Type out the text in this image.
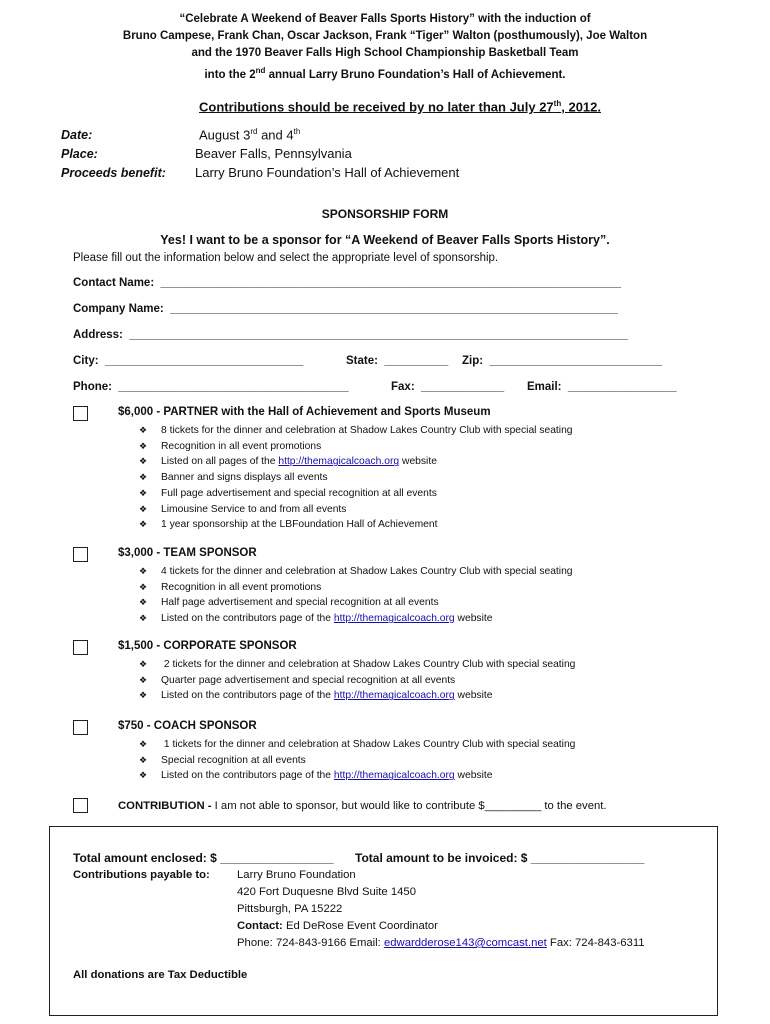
“Celebrate A Weekend of Beaver Falls Sports History” with the induction of
Bruno Campese, Frank Chan, Oscar Jackson, Frank “Tiger” Walton (posthumously), Joe Walton
and the 1970 Beaver Falls High School Championship Basketball Team
into the 2nd annual Larry Bruno Foundation’s Hall of Achievement.
Contributions should be received by no later than July 27th, 2012.
Date:	August 3rd and 4th
Place:	Beaver Falls, Pennsylvania
Proceeds benefit: Larry Bruno Foundation’s Hall of Achievement
SPONSORSHIP FORM
Yes! I want to be a sponsor for “A Weekend of Beaver Falls Sports History”.
Please fill out the information below and select the appropriate level of sponsorship.
Contact Name:  ________________________________________________________________________
Company Name:  ______________________________________________________________________
Address:  ______________________________________________________________________________
City:  _______________________________	State:  __________ Zip:  ___________________________
Phone:  ____________________________________	Fax:  _____________ Email:  _________________
$6,000 - PARTNER with the Hall of Achievement and Sports Museum
❖ 8 tickets for the dinner and celebration at Shadow Lakes Country Club with special seating
❖ Recognition in all event promotions
❖ Listed on all pages of the http://themagicalcoach.org website
❖ Banner and signs displays all events
❖ Full page advertisement and special recognition at all events
❖ Limousine Service to and from all events
❖ 1 year sponsorship at the LBFoundation Hall of Achievement
$3,000 - TEAM SPONSOR
❖ 4 tickets for the dinner and celebration at Shadow Lakes Country Club with special seating
❖ Recognition in all event promotions
❖ Half page advertisement and special recognition at all events
❖ Listed on the contributors page of the http://themagicalcoach.org website
$1,500 - CORPORATE SPONSOR
❖ 2 tickets for the dinner and celebration at Shadow Lakes Country Club with special seating
❖ Quarter page advertisement and special recognition at all events
❖ Listed on the contributors page of the http://themagicalcoach.org website
$750 - COACH SPONSOR
❖ 1 tickets for the dinner and celebration at Shadow Lakes Country Club with special seating
❖ Special recognition at all events
❖ Listed on the contributors page of the http://themagicalcoach.org website
CONTRIBUTION - I am not able to sponsor, but would like to contribute $_________ to the event.
Total amount enclosed: $ _________________ Total amount to be invoiced: $ _________________
Contributions payable to: Larry Bruno Foundation
420 Fort Duquesne Blvd Suite 1450
Pittsburgh, PA 15222
Contact: Ed DeRose Event Coordinator
Phone: 724-843-9166 Email: edwardderose143@comcast.net Fax: 724-843-6311
All donations are Tax Deductible
